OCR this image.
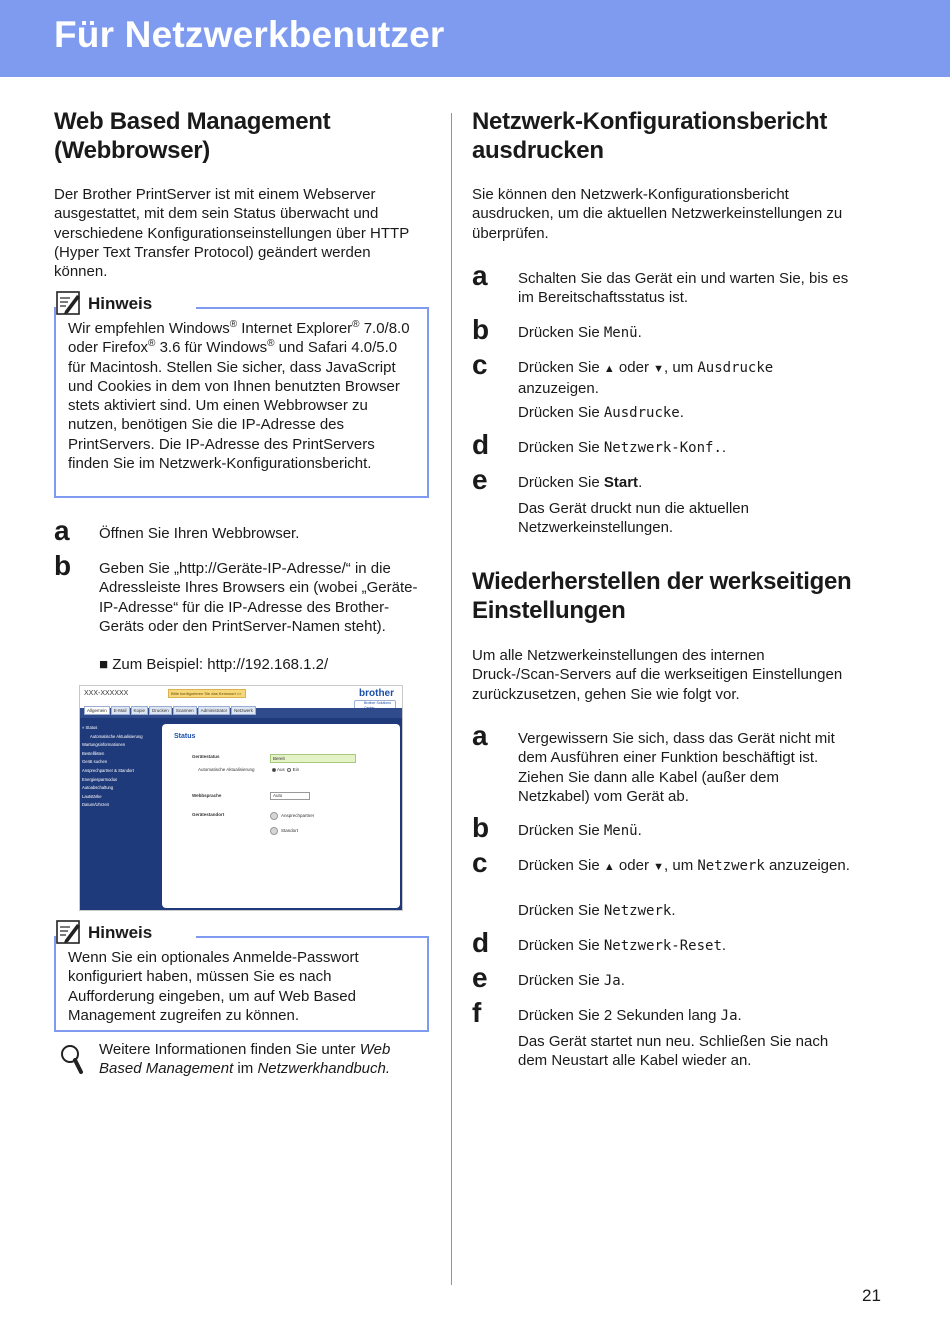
Für Netzwerkbenutzer
Web Based Management (Webbrowser)
Der Brother PrintServer ist mit einem Webserver ausgestattet, mit dem sein Status überwacht und verschiedene Konfigurationseinstellungen über HTTP (Hyper Text Transfer Protocol) geändert werden können.
Hinweis
Wir empfehlen Windows® Internet Explorer® 7.0/8.0 oder Firefox® 3.6 für Windows® und Safari 4.0/5.0 für Macintosh. Stellen Sie sicher, dass JavaScript und Cookies in dem von Ihnen benutzten Browser stets aktiviert sind. Um einen Webbrowser zu nutzen, benötigen Sie die IP-Adresse des PrintServers. Die IP-Adresse des PrintServers finden Sie im Netzwerk-Konfigurationsbericht.
a Öffnen Sie Ihren Webbrowser.
b Geben Sie „http://Geräte-IP-Adresse/“ in die Adressleiste Ihres Browsers ein (wobei „Geräte-IP-Adresse“ für die IP-Adresse des Brother-Geräts oder den PrintServer-Namen steht).
■ Zum Beispiel: http://192.168.1.2/
XXX-XXXXXX	Bitte konfigurieren Sie das Kennwort >>	brother
Brother Solutions
Allgemein	E-Mail	Kopie	Drucken	Scannen	Administrator	Netzwerk
» Status
Automatische Aktualisierung
Wartungsinformationen
Bestelllisten
Gerät suchen
Ansprechpartner & Standort
Energiesparmodus
Autoabschaltung
Lautstärke
Datum/Uhrzeit
Status
Gerätestatus	Bereit
Automatische Aktualisierung	Aus Ein
Webbsprache	Auto
Gerätestandort	Ansprechpartner
Standort
Hinweis
Wenn Sie ein optionales Anmelde-Passwort konfiguriert haben, müssen Sie es nach Aufforderung eingeben, um auf Web Based Management zugreifen zu können.
Weitere Informationen finden Sie unter Web Based Management im Netzwerkhandbuch.
Netzwerk-Konfigurationsbericht ausdrucken
Sie können den Netzwerk-Konfigurationsbericht ausdrucken, um die aktuellen Netzwerkeinstellungen zu überprüfen.
a Schalten Sie das Gerät ein und warten Sie, bis es im Bereitschaftsstatus ist.
b Drücken Sie Menü.
c Drücken Sie ▲ oder ▼, um Ausdrucke anzuzeigen.
Drücken Sie Ausdrucke.
d Drücken Sie Netzwerk-Konf..
e Drücken Sie Start.
Das Gerät druckt nun die aktuellen Netzwerkeinstellungen.
Wiederherstellen der werkseitigen Einstellungen
Um alle Netzwerkeinstellungen des internen Druck-/Scan-Servers auf die werkseitigen Einstellungen zurückzusetzen, gehen Sie wie folgt vor.
a Vergewissern Sie sich, dass das Gerät nicht mit dem Ausführen einer Funktion beschäftigt ist. Ziehen Sie dann alle Kabel (außer dem Netzkabel) vom Gerät ab.
b Drücken Sie Menü.
c Drücken Sie ▲ oder ▼, um Netzwerk anzuzeigen.
Drücken Sie Netzwerk.
d Drücken Sie Netzwerk-Reset.
e Drücken Sie Ja.
f Drücken Sie 2 Sekunden lang Ja.
Das Gerät startet nun neu. Schließen Sie nach dem Neustart alle Kabel wieder an.
21
